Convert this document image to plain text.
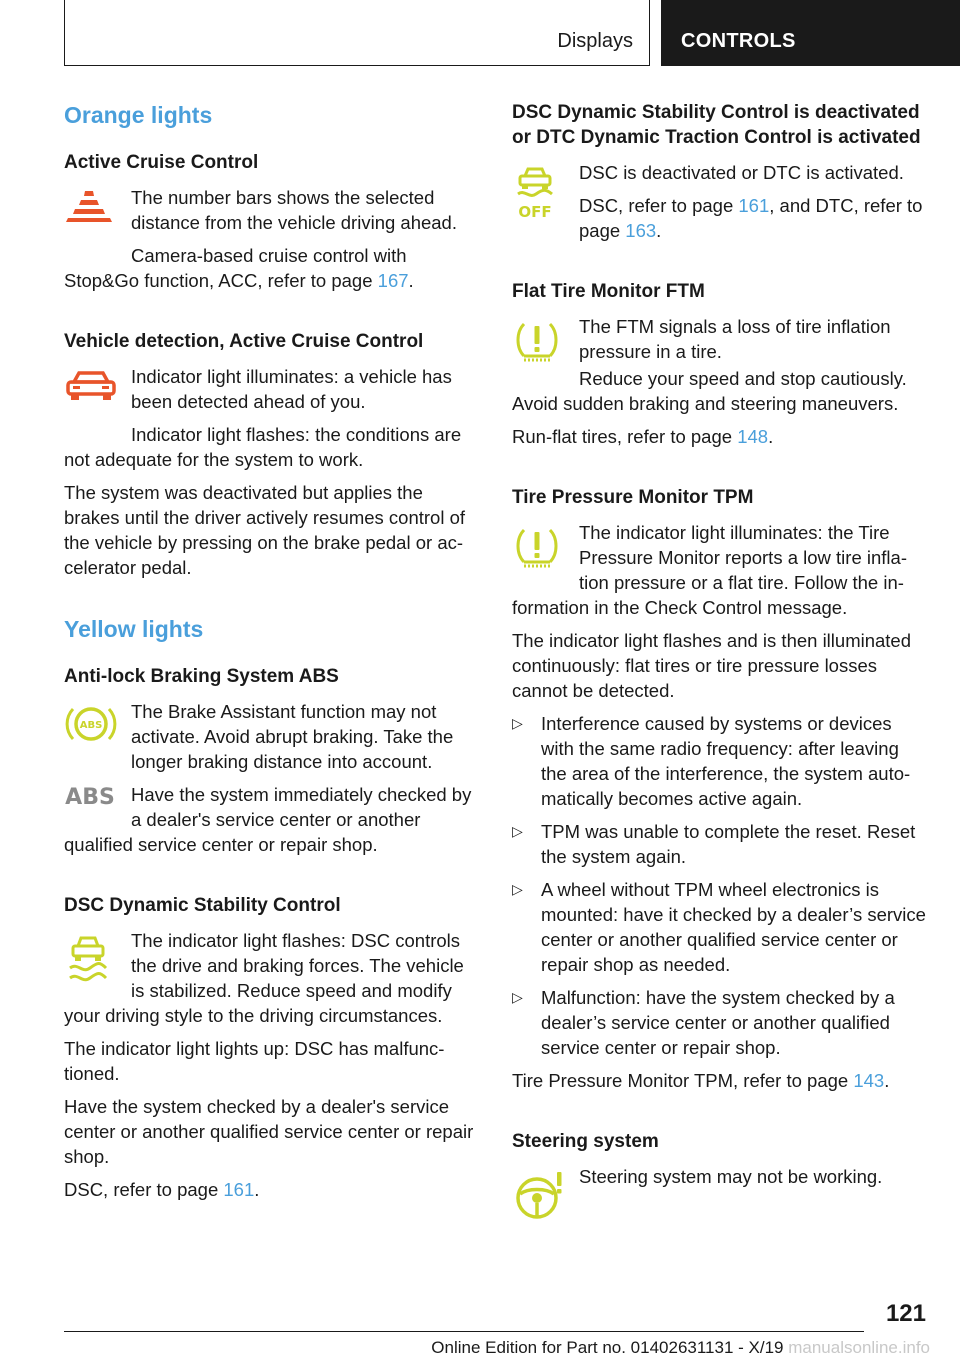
Displays CONTROLS
Orange lights
Active Cruise Control

The number bars shows the selected distance from the vehicle driving ahead.

Camera-based cruise control with Stop&Go function, ACC, refer to page 167.

Vehicle detection, Active Cruise Control

Indicator light illuminates: a vehicle has been detected ahead of you.

Indicator light flashes: the conditions are not adequate for the system to work.

The system was deactivated but applies the brakes until the driver actively resumes control of the vehicle by pressing on the brake pedal or accelerator pedal.

Yellow lights
Anti-lock Braking System ABS
ABS

The Brake Assistant function may not activate. Avoid abrupt braking. Take the longer braking distance into account.

ABS Have the system immediately checked by a dealer's service center or another qualified service center or repair shop.

DSC Dynamic Stability Control

The indicator light flashes: DSC controls the drive and braking forces. The vehicle is stabilized. Reduce speed and modify your driving style to the driving circumstances.

The indicator light lights up: DSC has malfunctioned.

Have the system checked by a dealer's service center or another qualified service center or repair shop.

DSC, refer to page 161.

DSC Dynamic Stability Control is deactivated or DTC Dynamic Traction Control is activated
OFF

DSC is deactivated or DTC is activated.

DSC, refer to page 161, and DTC, refer to page 163.

Flat Tire Monitor FTM

The FTM signals a loss of tire inflation pressure in a tire.

Reduce your speed and stop cautiously. Avoid sudden braking and steering maneuvers.

Run-flat tires, refer to page 148.

Tire Pressure Monitor TPM

The indicator light illuminates: the Tire Pressure Monitor reports a low tire inflation pressure or a flat tire. Follow the information in the Check Control message.

The indicator light flashes and is then illuminated continuously: flat tires or tire pressure losses cannot be detected.

▷ Interference caused by systems or devices with the same radio frequency: after leaving the area of the interference, the system automatically becomes active again.
▷ TPM was unable to complete the reset. Reset the system again.
▷ A wheel without TPM wheel electronics is mounted: have it checked by a dealer’s service center or another qualified service center or repair shop as needed.
▷ Malfunction: have the system checked by a dealer’s service center or another qualified service center or repair shop.

Tire Pressure Monitor TPM, refer to page 143.

Steering system

Steering system may not be working.

121
Online Edition for Part no. 01402631131 - X/19 manualsonline.info
